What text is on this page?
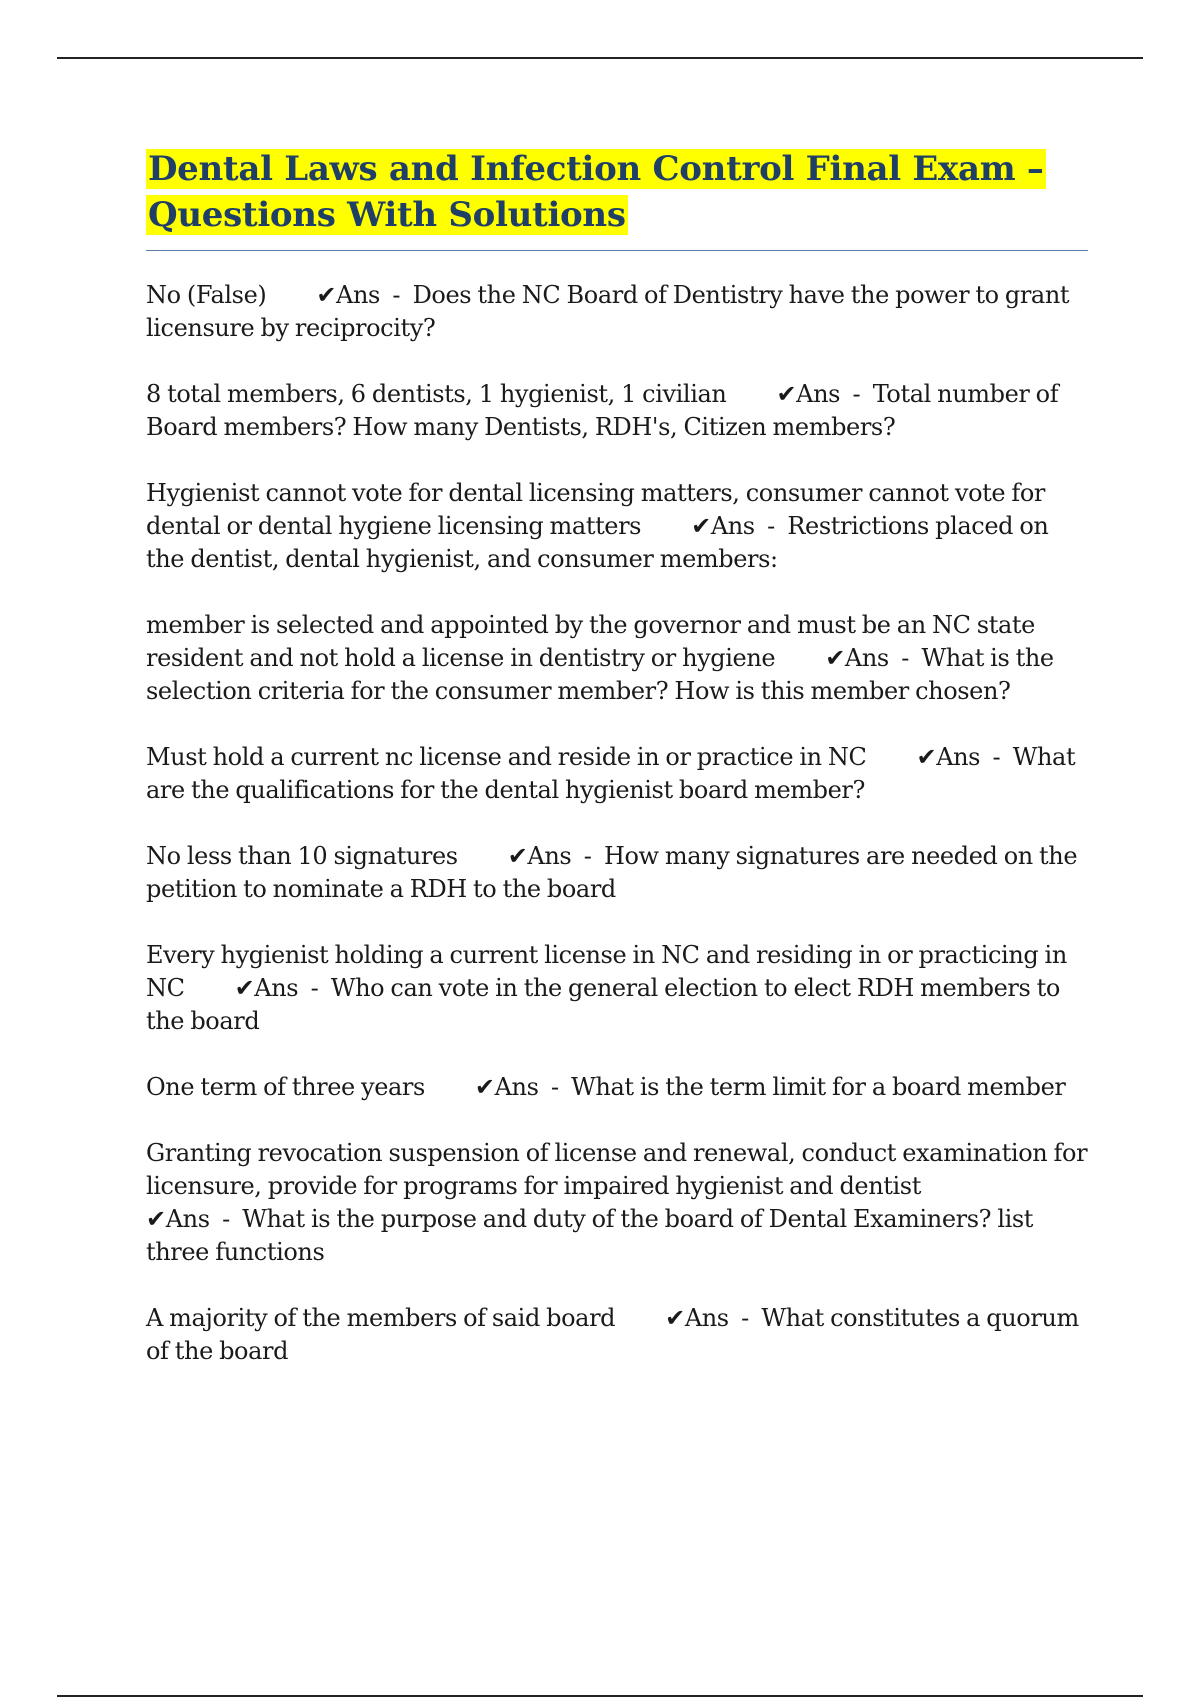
Dental Laws and Infection Control Final Exam – Questions With Solutions

No (False) ✔Ans  -  Does the NC Board of Dentistry have the power to grant licensure by reciprocity?

8 total members, 6 dentists, 1 hygienist, 1 civilian ✔Ans  -  Total number of Board members? How many Dentists, RDH's, Citizen members?

Hygienist cannot vote for dental licensing matters, consumer cannot vote for dental or dental hygiene licensing matters ✔Ans  -  Restrictions placed on the dentist, dental hygienist, and consumer members:

member is selected and appointed by the governor and must be an NC state resident and not hold a license in dentistry or hygiene ✔Ans  -  What is the selection criteria for the consumer member? How is this member chosen?

Must hold a current nc license and reside in or practice in NC ✔Ans  -  What are the qualifications for the dental hygienist board member?

No less than 10 signatures ✔Ans  -  How many signatures are needed on the petition to nominate a RDH to the board

Every hygienist holding a current license in NC and residing in or practicing in NC ✔Ans  -  Who can vote in the general election to elect RDH members to the board

One term of three years ✔Ans  -  What is the term limit for a board member

Granting revocation suspension of license and renewal, conduct examination for licensure, provide for programs for impaired hygienist and dentist✔Ans  -  What is the purpose and duty of the board of Dental Examiners? list three functions

A majority of the members of said board ✔Ans  -  What constitutes a quorum of the board
